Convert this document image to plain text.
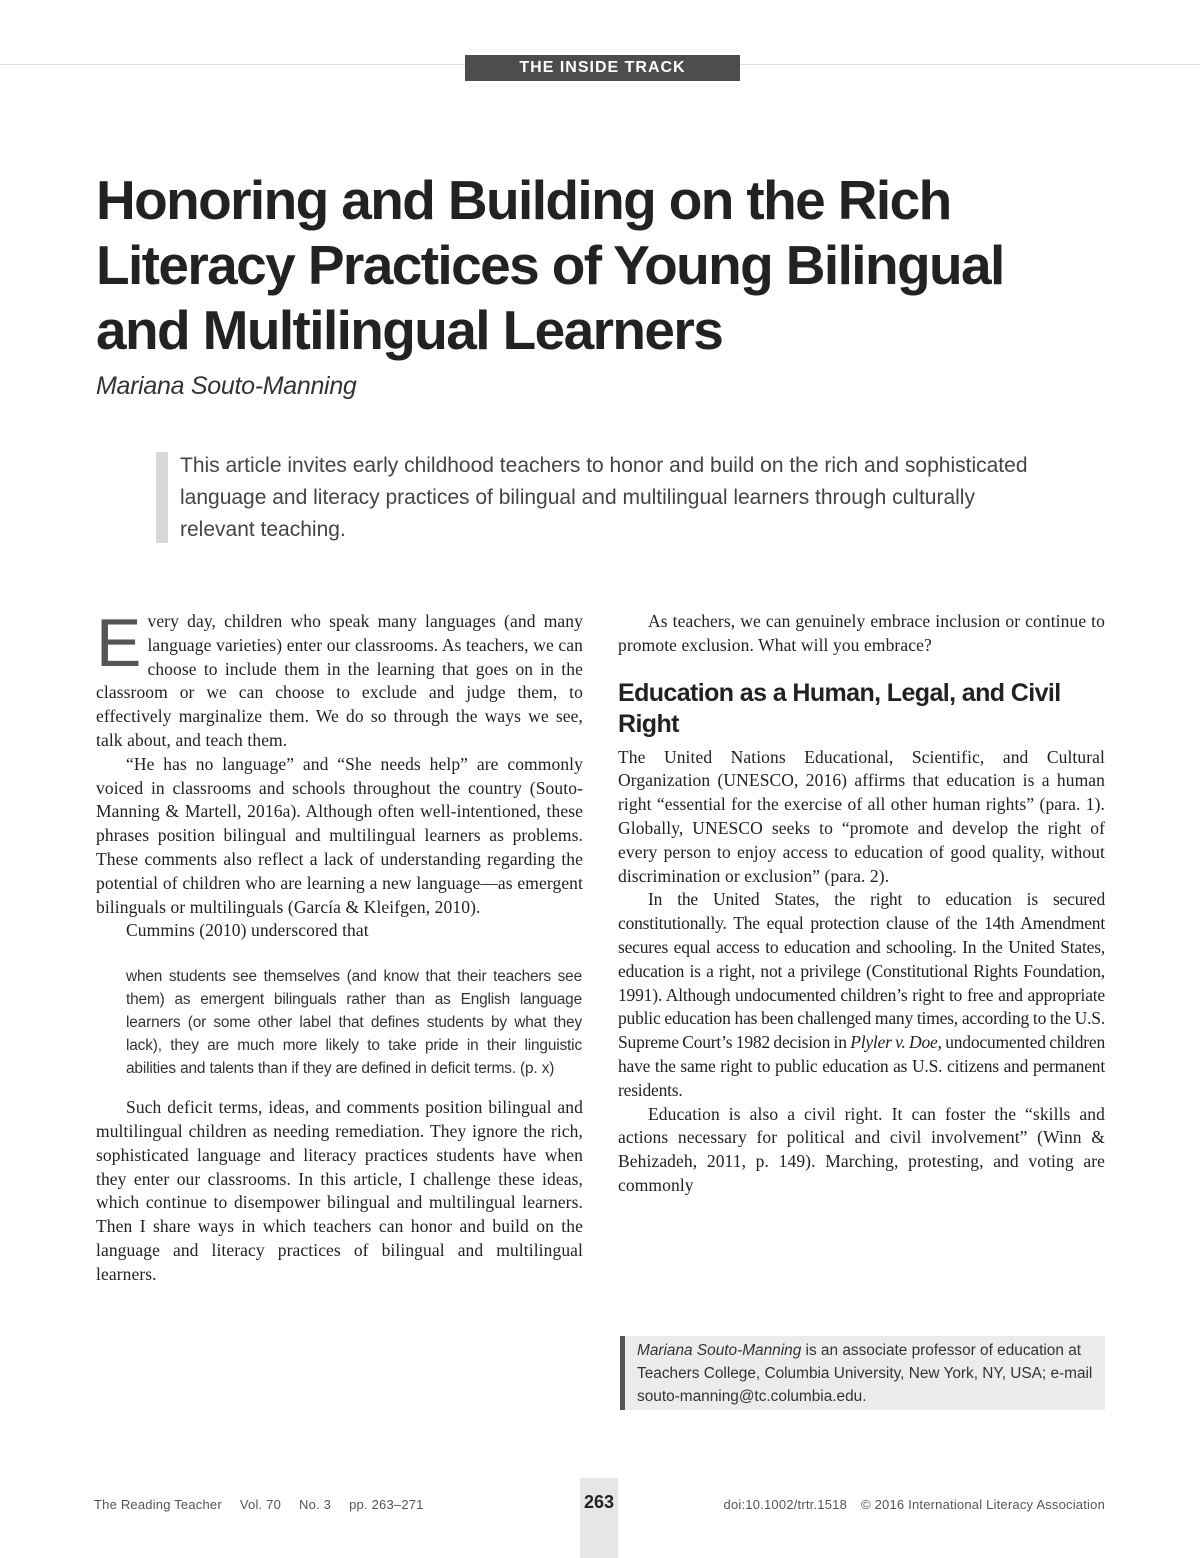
THE INSIDE TRACK
Honoring and Building on the Rich Literacy Practices of Young Bilingual and Multilingual Learners
Mariana Souto-Manning

This article invites early childhood teachers to honor and build on the rich and sophisticated language and literacy practices of bilingual and multilingual learners through culturally relevant teaching.

Every day, children who speak many languages (and many language varieties) enter our classrooms. As teachers, we can choose to include them in the learning that goes on in the classroom or we can choose to exclude and judge them, to effectively marginalize them. We do so through the ways we see, talk about, and teach them.

“He has no language” and “She needs help” are commonly voiced in classrooms and schools throughout the country (Souto-Manning & Martell, 2016a). Although often well-intentioned, these phrases position bilingual and multilingual learners as problems. These comments also reflect a lack of understanding regarding the potential of children who are learning a new language—as emergent bilinguals or multilinguals (García & Kleifgen, 2010).

Cummins (2010) underscored that

when students see themselves (and know that their teachers see them) as emergent bilinguals rather than as English language learners (or some other label that defines students by what they lack), they are much more likely to take pride in their linguistic abilities and talents than if they are defined in deficit terms. (p. x)

Such deficit terms, ideas, and comments position bilingual and multilingual children as needing remediation. They ignore the rich, sophisticated language and literacy practices students have when they enter our classrooms. In this article, I challenge these ideas, which continue to disempower bilingual and multilingual learners. Then I share ways in which teachers can honor and build on the language and literacy practices of bilingual and multilingual learners.

As teachers, we can genuinely embrace inclusion or continue to promote exclusion. What will you embrace?

Education as a Human, Legal, and Civil Right

The United Nations Educational, Scientific, and Cultural Organization (UNESCO, 2016) affirms that education is a human right “essential for the exercise of all other human rights” (para. 1). Globally, UNESCO seeks to “promote and develop the right of every person to enjoy access to education of good quality, without discrimination or exclusion” (para. 2).

In the United States, the right to education is secured constitutionally. The equal protection clause of the 14th Amendment secures equal access to education and schooling. In the United States, education is a right, not a privilege (Constitutional Rights Foundation, 1991). Although undocumented children’s right to free and appropriate public education has been challenged many times, according to the U.S. Supreme Court’s 1982 decision in Plyler v. Doe, undocumented children have the same right to public education as U.S. citizens and permanent residents.

Education is also a civil right. It can foster the “skills and actions necessary for political and civil involvement” (Winn & Behizadeh, 2011, p. 149). Marching, protesting, and voting are commonly

Mariana Souto-Manning is an associate professor of education at Teachers College, Columbia University, New York, NY, USA; e-mail souto-manning@tc.columbia.edu.

The Reading Teacher Vol. 70 No. 3 pp. 263–271	263	doi:10.1002/trtr.1518 © 2016 International Literacy Association
